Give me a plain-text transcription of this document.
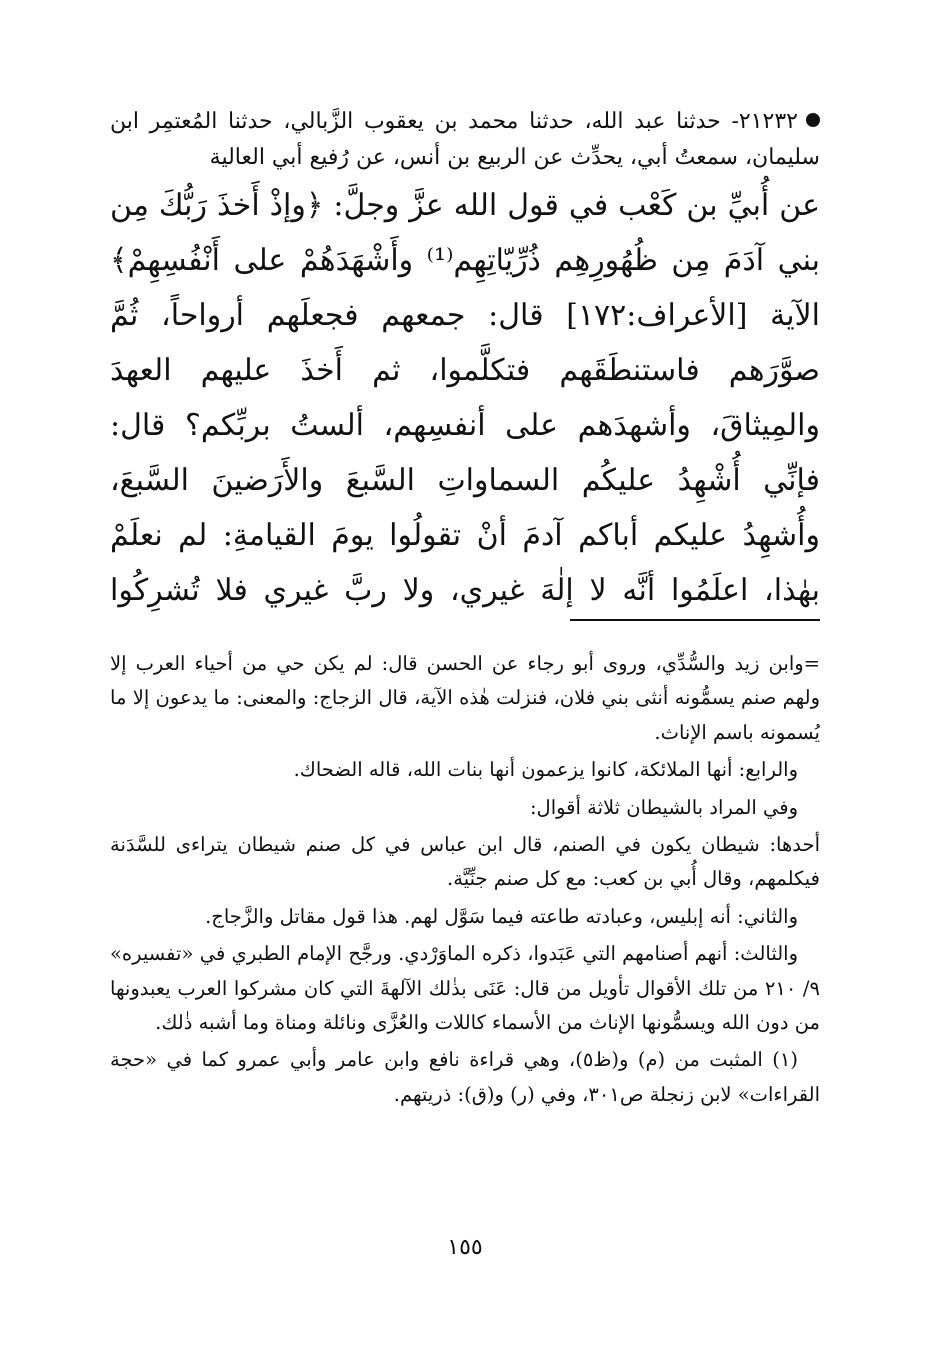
٢١٢٣٢- حدثنا عبد الله، حدثنا محمد بن يعقوب الزَّبالي، حدثنا المُعتمِر ابن سليمان، سمعتُ أبي، يحدِّث عن الربيع بن أنس، عن رُفيع أبي العالية

عن أُبيِّ بن كَعْب في قول الله عزَّ وجلَّ: ﴿وإذْ أَخذَ رَبُّكَ مِن بني آدَمَ مِن ظُهُورِهِم ذُرِّيّاتِهِم⁽¹⁾ وأَشْهَدَهُمْ على أَنْفُسِهِمْ﴾ الآية [الأعراف:١٧٢] قال: جمعهم فجعلَهم أرواحاً، ثُمَّ صوَّرَهم فاستنطَقَهم فتكلَّموا، ثم أَخذَ عليهم العهدَ والمِيثاقَ، وأشهدَهم على أنفسِهم، ألستُ بربِّكم؟ قال: فإنِّي أُشْهِدُ عليكُم السماواتِ السَّبعَ والأَرَضينَ السَّبعَ، وأُشهِدُ عليكم أباكم آدمَ أنْ تقولُوا يومَ القيامةِ: لم نعلَمْ بهٰذا، اعلَمُوا أنَّه لا إلٰهَ غيري، ولا ربَّ غيري فلا تُشرِكُوا

=وابن زيد والسُّدِّي، وروى أبو رجاء عن الحسن قال: لم يكن حي من أحياء العرب إلا ولهم صنم يسمُّونه أنثى بني فلان، فنزلت هٰذه الآية، قال الزجاج: والمعنى: ما يدعون إلا ما يُسمونه باسم الإناث.

والرابع: أنها الملائكة، كانوا يزعمون أنها بنات الله، قاله الضحاك.

وفي المراد بالشيطان ثلاثة أقوال:

أحدها: شيطان يكون في الصنم، قال ابن عباس في كل صنم شيطان يتراءى للسَّدَنة فيكلمهم، وقال أُبي بن كعب: مع كل صنم جنِّيَّة.

والثاني: أنه إبليس، وعبادته طاعته فيما سَوَّل لهم. هذا قول مقاتل والزَّجاج.

والثالث: أنهم أصنامهم التي عَبَدوا، ذكره الماوَرْدي. ورجَّح الإمام الطبري في «تفسيره» ٩/ ٢١٠ من تلك الأقوال تأويل من قال: عَنَى بذٰلك الآلهةَ التي كان مشركوا العرب يعبدونها من دون الله ويسمُّونها الإناث من الأسماء كاللات والعُزَّى ونائلة ومناة وما أشبه ذٰلك.

(١) المثبت من (م) و(ظ٥)، وهي قراءة نافع وابن عامر وأبي عمرو كما في «حجة القراءات» لابن زنجلة ص٣٠١، وفي (ر) و(ق): ذريتهم.

١٥٥
